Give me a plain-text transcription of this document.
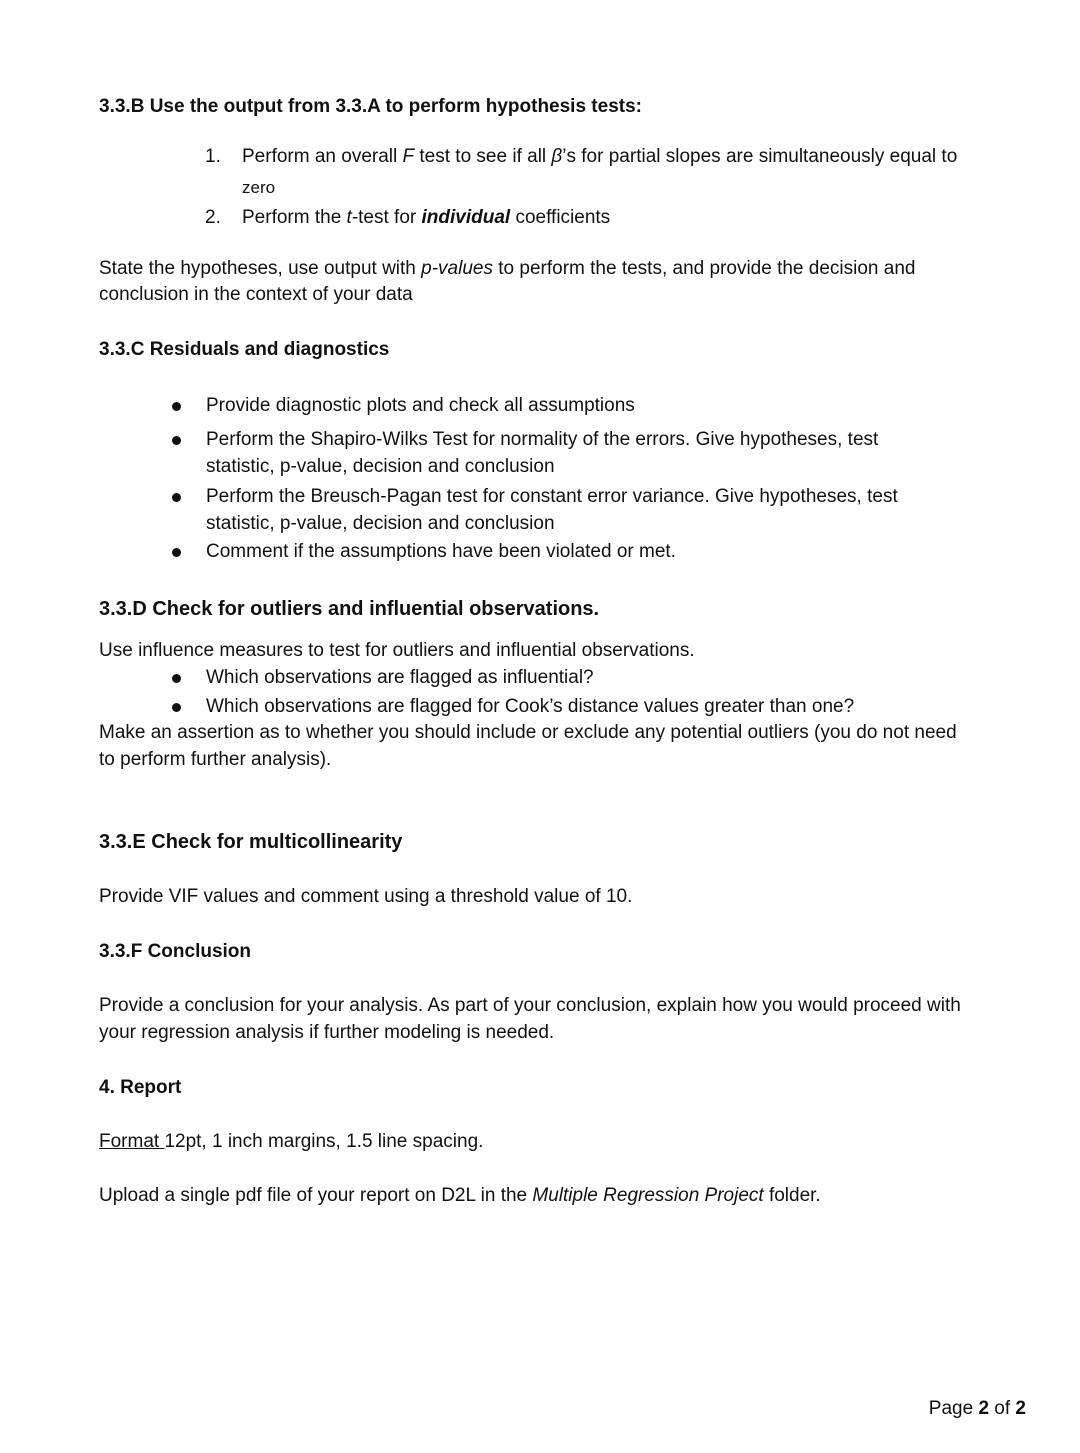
3.3.B Use the output from 3.3.A to perform hypothesis tests:
1. Perform an overall F test to see if all β’s for partial slopes are simultaneously equal to
zero
2. Perform the t-test for individual coefficients
State the hypotheses, use output with p-values to perform the tests, and provide the decision and
conclusion in the context of your data
3.3.C Residuals and diagnostics
Provide diagnostic plots and check all assumptions
Perform the Shapiro-Wilks Test for normality of the errors. Give hypotheses, test
statistic, p-value, decision and conclusion
Perform the Breusch-Pagan test for constant error variance. Give hypotheses, test
statistic, p-value, decision and conclusion
Comment if the assumptions have been violated or met.
3.3.D Check for outliers and influential observations.
Use influence measures to test for outliers and influential observations.
Which observations are flagged as influential?
Which observations are flagged for Cook’s distance values greater than one?
Make an assertion as to whether you should include or exclude any potential outliers (you do not need
to perform further analysis).
3.3.E Check for multicollinearity
Provide VIF values and comment using a threshold value of 10.
3.3.F Conclusion
Provide a conclusion for your analysis. As part of your conclusion, explain how you would proceed with
your regression analysis if further modeling is needed.
4. Report
Format 12pt, 1 inch margins, 1.5 line spacing.
Upload a single pdf file of your report on D2L in the Multiple Regression Project folder.
Page 2 of 2
